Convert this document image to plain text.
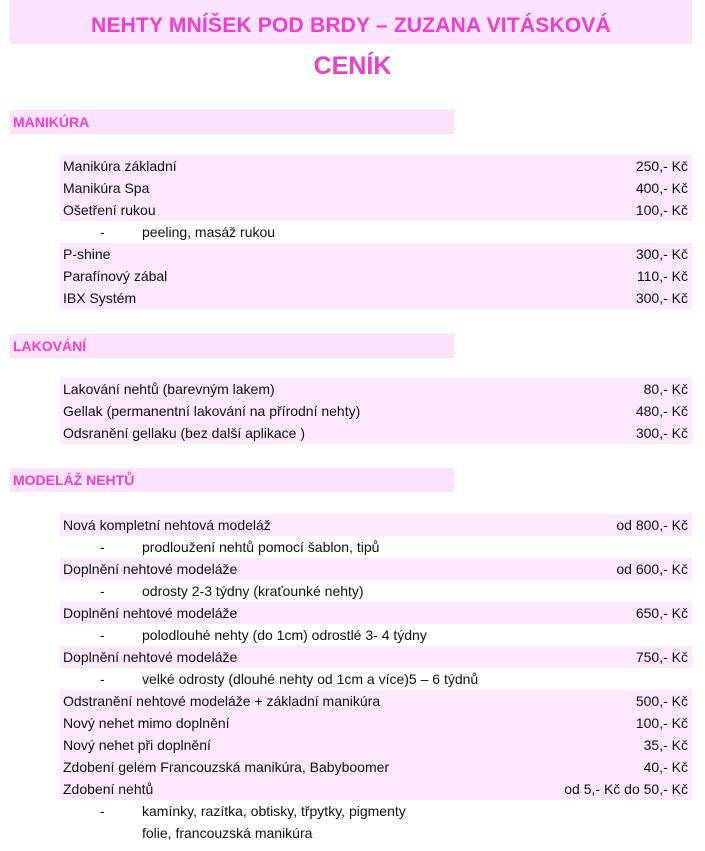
NEHTY MNÍŠEK POD BRDY – ZUZANA VITÁSKOVÁ
CENÍK
MANIKÚRA
Manikúra základní	250,- Kč
Manikúra Spa	400,- Kč
Ošetření rukou	100,- Kč
-	peeling, masáž rukou
P-shine	300,- Kč
Parafínový zábal	110,- Kč
IBX Systém	300,- Kč
LAKOVÁNÍ
Lakování nehtů (barevným lakem)	80,- Kč
Gellak (permanentní lakování na přírodní nehty)	480,- Kč
Odsranění gellaku (bez další aplikace )	300,- Kč
MODELÁŽ NEHTŮ
Nová kompletní nehtová modeláž	od 800,- Kč
-	prodloužení nehtů pomocí šablon, tipů
Doplnění nehtové modeláže	od 600,- Kč
-	odrosty 2-3 týdny (kraťounké nehty)
Doplnění nehtové modeláže	650,- Kč
-	polodlouhé nehty (do 1cm) odrostlé 3- 4 týdny
Doplnění nehtové modeláže	750,- Kč
-	velké odrosty (dlouhé nehty od 1cm a více)5 – 6 týdnů
Odstranění nehtové modeláže + základní manikúra	500,- Kč
Nový nehet mimo doplnění	100,- Kč
Nový nehet při doplnění	35,- Kč
Zdobení gelem Francouzská manikúra, Babyboomer	40,- Kč
Zdobení nehtů	od 5,- Kč do 50,- Kč
-	kamínky, razítka, obtisky, třpytky, pigmenty
folie, francouzská manikúra
